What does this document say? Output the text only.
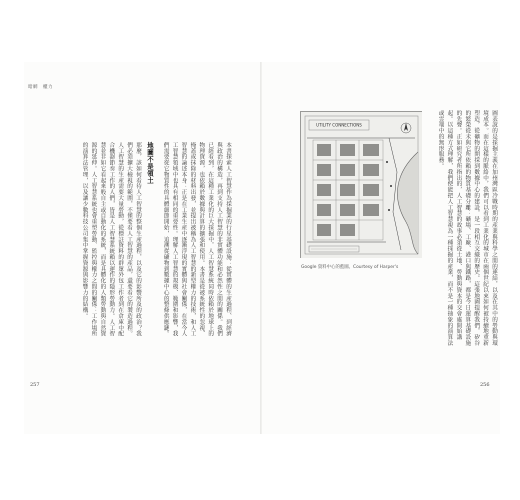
暗網　權力
本書探索人工智慧作為採掘業的行星基礎設施：從實體的生產過程、到經濟與政治的構造，再到支持人工智慧的非實體功能和必然性之間的關係。我們已經看到，在這種工業化的巨大採掘中，人工智慧系統同時依賴於地球上的物理資源，也依賴於數據與計算的擴張和使用。本書是從被系統性的忽視、掩蓋或抹除的材料出發，並提出被稱為人工智慧的新型權力的技術，和人工智慧的論述本身：正是在工業生產中逐漸浮現的實體與社會關係，在當今人工智慧領域中也具有相同的重要性。理解人工智慧的規模、範圍和影響，我們需要從它物質性的具體細節開始，追溯從礦物到數據中心的整條供應鏈。
地圖不是領土
那麼，該如何看待人工智慧的整個生產過程，以及它的影響所及的政治？我們必須擴大檢視的範圍，不僅要看人工智慧的產品，還要看它的製造過程。人工智慧的生產需要大量勞動，從標註資料的群眾外包工作者到在倉庫中配合機器節奏工作的人們，皆是人工智慧系統賴以運作的隱形勞動力。人工智慧並非如它看起來般自主或自動化的系統，而是具體化的人類勞動與自然資源的延伸。人工智慧系統也會重塑勞動、監控與權力之間的關係：工作場所的演算法管理，以及讓少數科技公司集中掌握資源與影響力的結構。	圖表說的是採掘主義在加州灣區冷戰時期的產業與科學之間的連結，以及在其中的勞動與環境成本。而在這樣的脈絡中，我們可以看到工業化的城市在兩個世紀以來如何被持續地重新塑造，從礦物的開採到數據中心的建設，是一段相互交織的歷史。這張地圖提醒我們，矽谷的繁榮從未與它所依賴的物質基礎分離：礦場、工廠、港口與鐵路，都是今日運算基礎設施的先聲。正如研究者所指出的，人工智慧的故事必須從土地、勞動與資本的交會處開始講起。以這種方式理解，我們便能把人工智慧視為一種採掘的產業，而不是一種抽象的演算法或雲端中的無形服務。
UTILITY CONNECTIONS
Google 資料中心的藍圖。Courtesy of Harper's
257	256
